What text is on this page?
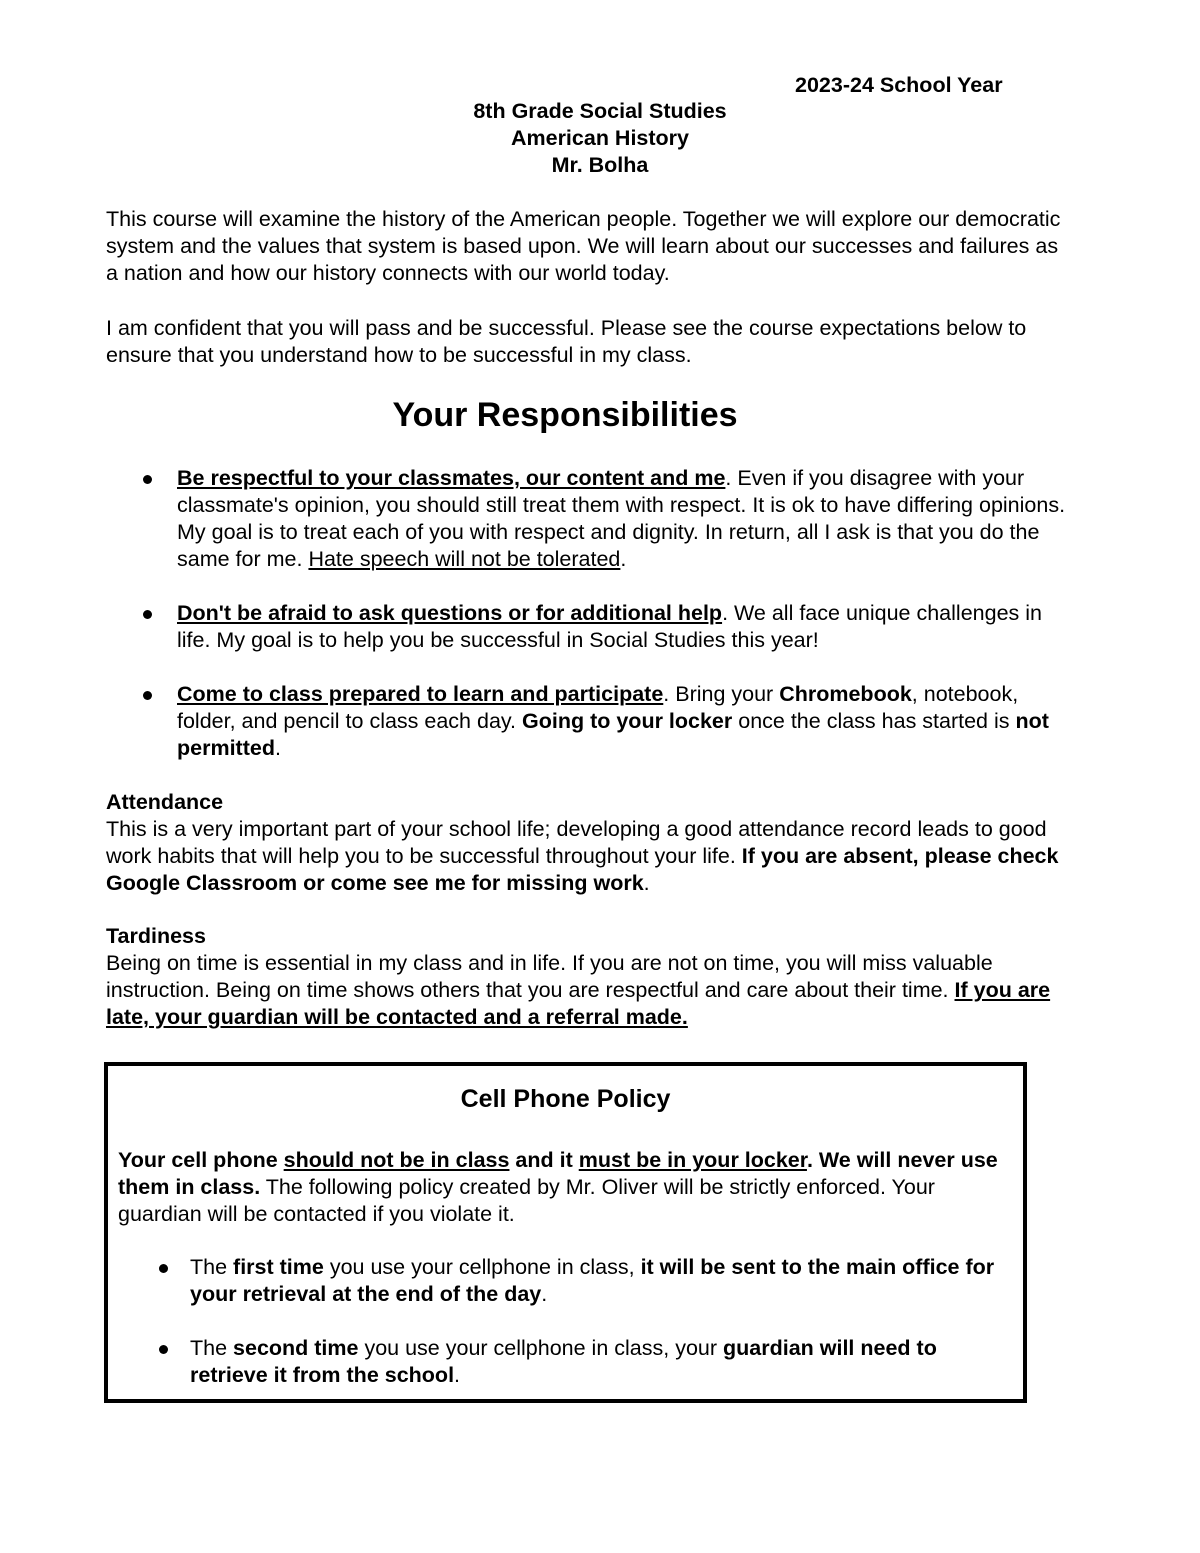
2023-24 School Year
8th Grade Social Studies
American History
Mr. Bolha

This course will examine the history of the American people. Together we will explore our democratic system and the values that system is based upon. We will learn about our successes and failures as a nation and how our history connects with our world today.

I am confident that you will pass and be successful. Please see the course expectations below to ensure that you understand how to be successful in my class.

Your Responsibilities
Be respectful to your classmates, our content and me. Even if you disagree with your classmate's opinion, you should still treat them with respect. It is ok to have differing opinions. My goal is to treat each of you with respect and dignity. In return, all I ask is that you do the same for me. Hate speech will not be tolerated.
Don't be afraid to ask questions or for additional help. We all face unique challenges in life. My goal is to help you be successful in Social Studies this year!
Come to class prepared to learn and participate. Bring your Chromebook, notebook, folder, and pencil to class each day. Going to your locker once the class has started is not permitted.

Attendance

This is a very important part of your school life; developing a good attendance record leads to good work habits that will help you to be successful throughout your life. If you are absent, please check Google Classroom or come see me for missing work.

Tardiness

Being on time is essential in my class and in life. If you are not on time, you will miss valuable instruction. Being on time shows others that you are respectful and care about their time. If you are late, your guardian will be contacted and a referral made.

Cell Phone Policy

Your cell phone should not be in class and it must be in your locker. We will never use them in class. The following policy created by Mr. Oliver will be strictly enforced. Your guardian will be contacted if you violate it.

The first time you use your cellphone in class, it will be sent to the main office for your retrieval at the end of the day.
The second time you use your cellphone in class, your guardian will need to retrieve it from the school.
